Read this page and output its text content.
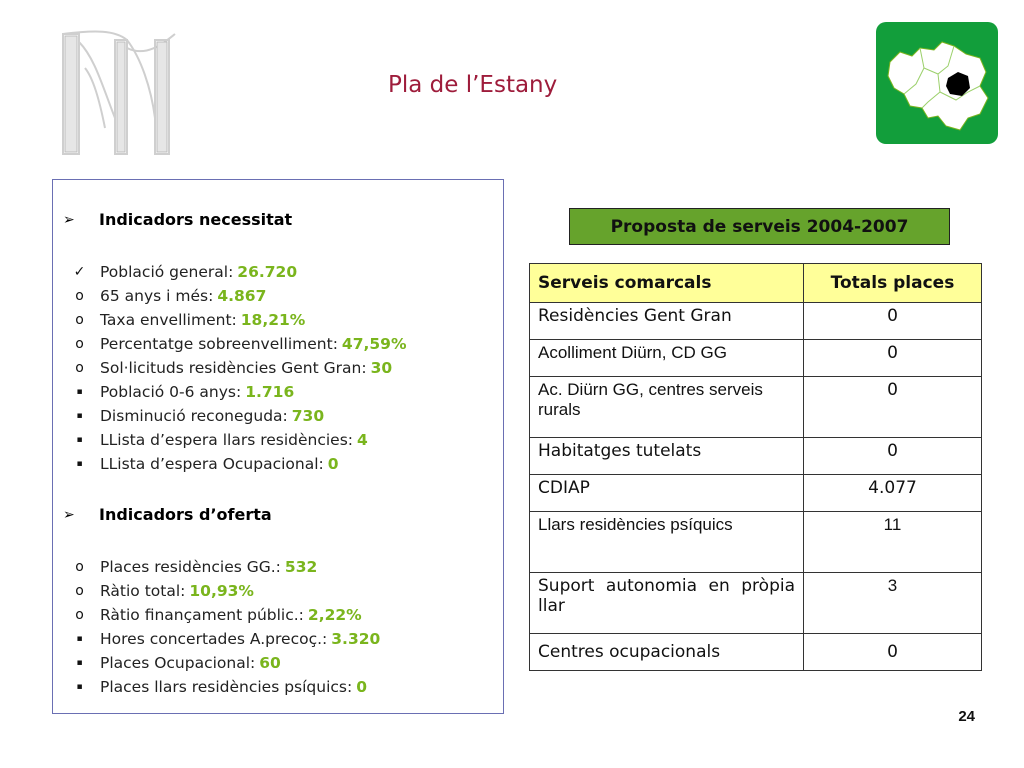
Pla de l’Estany
➢	Indicadors necessitat
✓ Població general: 26.720
o	65 anys i més: 4.867
o	Taxa envelliment: 18,21%
o	Percentatge sobreenvelliment: 47,59%
o	Sol·licituds residències Gent Gran: 30
▪	Població 0-6 anys: 1.716
▪	Disminució reconeguda: 730
▪	LLista d’espera llars residències: 4
▪	LLista d’espera Ocupacional: 0
➢	Indicadors d’oferta
o	Places residències GG.: 532
o	Ràtio total: 10,93%
o	Ràtio finançament públic.: 2,22%
▪	Hores concertades A.precoç.: 3.320
▪	Places Ocupacional: 60
▪	Places llars residències psíquics: 0
Proposta de serveis 2004-2007
Serveis comarcals	Totals places
Residències Gent Gran	0
Acolliment Diürn, CD GG	0
Ac. Diürn GG, centres serveis rurals	0
Habitatges tutelats	0
CDIAP	4.077
Llars residències psíquics	11
Suport autonomia en pròpia llar	3
Centres ocupacionals	0
24
